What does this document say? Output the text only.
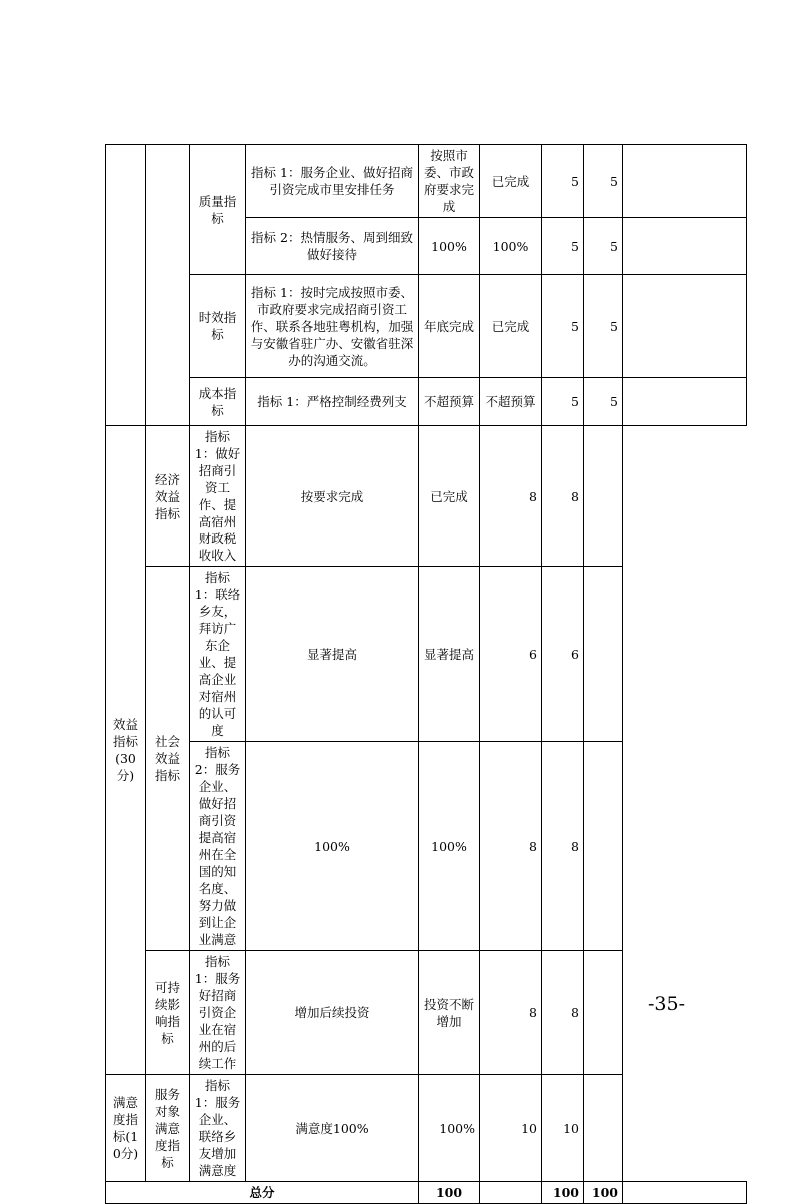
		质量指标	指标 1：服务企业、做好招商引资完成市里安排任务	按照市委、市政府要求完成	已完成	5	5	
			指标 2：热情服务、周到细致做好接待	100%	100%	5	5	
		时效指标	指标 1：按时完成按照市委、市政府要求完成招商引资工作、联系各地驻粤机构，加强与安徽省驻广办、安徽省驻深办的沟通交流。	年底完成	已完成	5	5	
		成本指标	指标 1：严格控制经费列支	不超预算	不超预算	5	5	

效益指标(30分)	经济效益指标	指标 1：做好招商引资工作、提高宿州财政税收收入	按要求完成	已完成	8	8		
	社会效益指标	指标 1：联络乡友，拜访广东企业、提高企业对宿州的认可度	显著提高	显著提高	6	6		
		指标 2：服务企业、做好招商引资提高宿州在全国的知名度、努力做到让企业满意	100%	100%	8	8		
	可持续影响指标	指标 1：服务好招商引资企业在宿州的后续工作	增加后续投资	投资不断增加	8	8		

满意度指标(10分)	服务对象满意度指标	指标 1：服务企业、联络乡友增加满意度	满意度100%	100%	10	10		
总分				100		100	100	
-35-
